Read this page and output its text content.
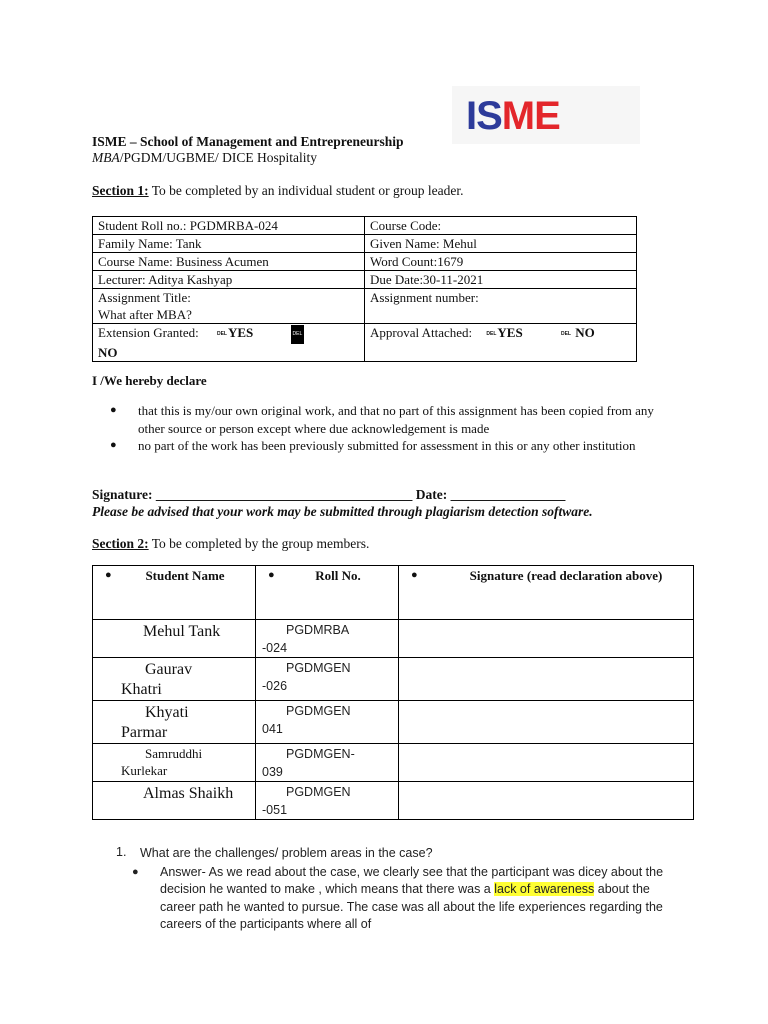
ISME
ISME – School of Management and Entrepreneurship
MBA/PGDM/UGBME/ DICE Hospitality
Section 1: To be completed by an individual student or group leader.
Student Roll no.: PGDMRBA-024	Course Code:
Family Name: Tank	Given Name: Mehul
Course Name: Business Acumen	Word Count:1679
Lecturer: Aditya Kashyap	Due Date:30-11-2021

Assignment Title:
What after MBA?	Assignment number:
Extension Granted: DELYES DEL
NO	Approval Attached: DELYES DEL NO
I /We hereby declare
● that this is my/our own original work, and that no part of this assignment has been copied from any other source or person except where due acknowledgement is made
● no part of the work has been previously submitted for assessment in this or any other institution
Signature: ______________________________________ Date: _________________
Please be advised that your work may be submitted through plagiarism detection software.
Section 2: To be completed by the group members.
● Student Name	● Roll No.	● Signature (read declaration above)

Mehul Tank	PGDMRBA
-024	

Gaurav
Khatri	PGDMGEN
-026	

Khyati
Parmar	PGDMGEN
041	

Samruddhi
Kurlekar	PGDMGEN-
039	

Almas Shaikh	PGDMGEN
-051	

1.	What are the challenges/ problem areas in the case?
● Answer- As we read about the case, we clearly see that the participant was dicey about the decision he wanted to make , which means that there was a lack of awareness about the career path he wanted to pursue. The case was all about the life experiences regarding the careers of the participants where all of
